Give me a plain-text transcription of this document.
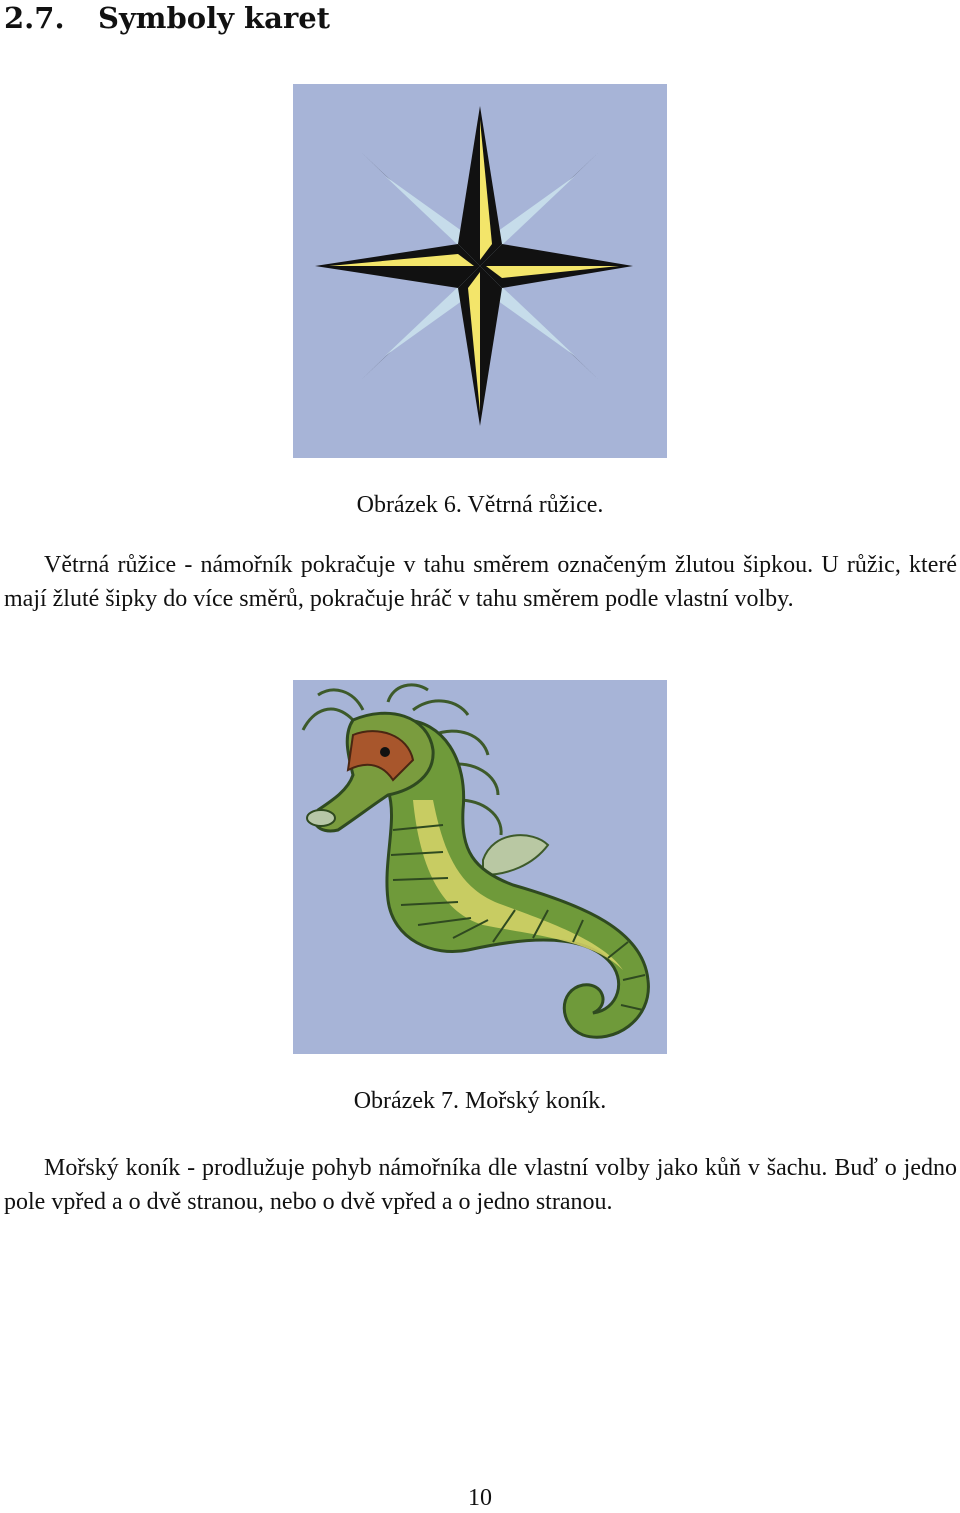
2.7. Symboly karet
Obrázek 6. Větrná růžice.

Větrná růžice - námořník pokračuje v tahu směrem označeným žlutou šipkou. U růžic, které mají žluté šipky do více směrů, pokračuje hráč v tahu směrem podle vlastní volby.

Obrázek 7. Mořský koník.

Mořský koník - prodlužuje pohyb námořníka dle vlastní volby jako kůň v šachu. Buď o jedno pole vpřed a o dvě stranou, nebo o dvě vpřed a o jedno stranou.

10
